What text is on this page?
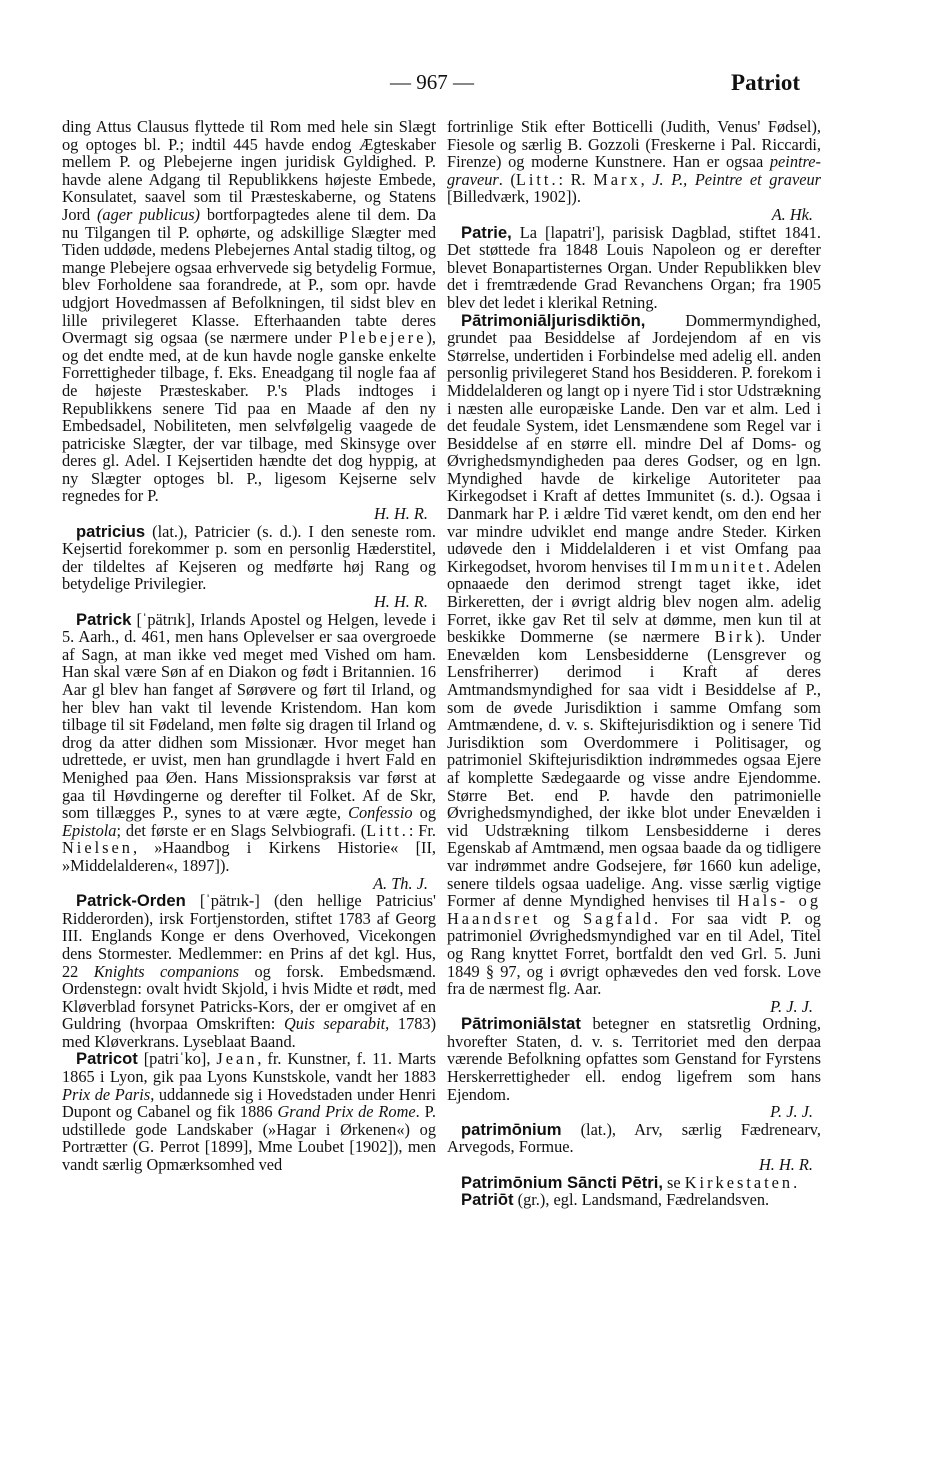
— 967 —	Patriot

ding Attus Clausus flyttede til Rom med hele sin Slægt og optoges bl. P.; indtil 445 havde endog Ægteskaber mellem P. og Plebejerne ingen juridisk Gyldighed. P. havde alene Adgang til Republikkens højeste Embede, Konsulatet, saavel som til Præsteskaberne, og Statens Jord (ager publicus) bortforpagtedes alene til dem. Da nu Tilgangen til P. ophørte, og adskillige Slægter med Tiden uddøde, medens Plebejernes Antal stadig tiltog, og mange Plebejere ogsaa erhvervede sig betydelig Formue, blev Forholdene saa forandrede, at P., som opr. havde udgjort Hovedmassen af Befolkningen, til sidst blev en lille privilegeret Klasse. Efterhaanden tabte deres Overmagt sig ogsaa (se nærmere under Plebejere), og det endte med, at de kun havde nogle ganske enkelte Forrettigheder tilbage, f. Eks. Eneadgang til nogle faa af de højeste Præsteskaber. P.'s Plads indtoges i Republikkens senere Tid paa en Maade af den ny Embedsadel, Nobiliteten, men selvfølgelig vaagede de patriciske Slægter, der var tilbage, med Skinsyge over deres gl. Adel. I Kejsertiden hændte det dog hyppig, at ny Slægter optoges bl. P., ligesom Kejserne selv regnedes for P.
H. H. R.

patricius (lat.), Patricier (s. d.). I den seneste rom. Kejsertid forekommer p. som en personlig Hæderstitel, der tildeltes af Kejseren og medførte høj Rang og betydelige Privilegier.
H. H. R.

Patrick [ˈpätrık], Irlands Apostel og Helgen, levede i 5. Aarh., d. 461, men hans Oplevelser er saa overgroede af Sagn, at man ikke ved meget med Vished om ham. Han skal være Søn af en Diakon og født i Britannien. 16 Aar gl blev han fanget af Sørøvere og ført til Irland, og her blev han vakt til levende Kristendom. Han kom tilbage til sit Fødeland, men følte sig dragen til Irland og drog da atter didhen som Missionær. Hvor meget han udrettede, er uvist, men han grundlagde i hvert Fald en Menighed paa Øen. Hans Missionspraksis var først at gaa til Høvdingerne og derefter til Folket. Af de Skr, som tillægges P., synes to at være ægte, Confessio og Epistola; det første er en Slags Selvbiografi. (Litt.: Fr. Nielsen, »Haandbog i Kirkens Historie« [II, »Middelalderen«, 1897]).
A. Th. J.

Patrick-Orden [ˈpätrık-] (den hellige Patricius' Ridderorden), irsk Fortjenstorden, stiftet 1783 af Georg III. Englands Konge er dens Overhoved, Vicekongen dens Stormester. Medlemmer: en Prins af det kgl. Hus, 22 Knights companions og forsk. Embedsmænd. Ordenstegn: ovalt hvidt Skjold, i hvis Midte et rødt, med Kløverblad forsynet Patricks-Kors, der er omgivet af en Guldring (hvorpaa Omskriften: Quis separabit, 1783) med Kløverkrans. Lyseblaat Baand.

Patricot [patriˈko], Jean, fr. Kunstner, f. 11. Marts 1865 i Lyon, gik paa Lyons Kunstskole, vandt her 1883 Prix de Paris, uddannede sig i Hovedstaden under Henri Dupont og Cabanel og fik 1886 Grand Prix de Rome. P. udstillede gode Landskaber (»Hagar i Ørkenen«) og Portrætter (G. Perrot [1899], Mme Loubet [1902]), men vandt særlig Opmærksomhed ved

fortrinlige Stik efter Botticelli (Judith, Venus' Fødsel), Fiesole og særlig B. Gozzoli (Freskerne i Pal. Riccardi, Firenze) og moderne Kunstnere. Han er ogsaa peintre-graveur. (Litt.: R. Marx, J. P., Peintre et graveur [Billedværk, 1902]).
A. Hk.

Patrie, La [lapatri'], parisisk Dagblad, stiftet 1841. Det støttede fra 1848 Louis Napoleon og er derefter blevet Bonapartisternes Organ. Under Republikken blev det i fremtrædende Grad Revanchens Organ; fra 1905 blev det ledet i klerikal Retning.

Pātrimoniāljurisdiktiōn, Dommermyndighed, grundet paa Besiddelse af Jordejendom af en vis Størrelse, undertiden i Forbindelse med adelig ell. anden personlig privilegeret Stand hos Besidderen. P. forekom i Middelalderen og langt op i nyere Tid i stor Udstrækning i næsten alle europæiske Lande. Den var et alm. Led i det feudale System, idet Lensmændene som Regel var i Besiddelse af en større ell. mindre Del af Doms- og Øvrighedsmyndigheden paa deres Godser, og en lgn. Myndighed havde de kirkelige Autoriteter paa Kirkegodset i Kraft af dettes Immunitet (s. d.). Ogsaa i Danmark har P. i ældre Tid været kendt, om den end her var mindre udviklet end mange andre Steder. Kirken udøvede den i Middelalderen i et vist Omfang paa Kirkegodset, hvorom henvises til Immunitet. Adelen opnaaede den derimod strengt taget ikke, idet Birkeretten, der i øvrigt aldrig blev nogen alm. adelig Forret, ikke gav Ret til selv at dømme, men kun til at beskikke Dommerne (se nærmere Birk). Under Enevælden kom Lensbesidderne (Lensgrever og Lensfriherrer) derimod i Kraft af deres Amtmandsmyndighed for saa vidt i Besiddelse af P., som de øvede Jurisdiktion i samme Omfang som Amtmændene, d. v. s. Skiftejurisdiktion og i senere Tid Jurisdiktion som Overdommere i Politisager, og patrimoniel Skiftejurisdiktion indrømmedes ogsaa Ejere af komplette Sædegaarde og visse andre Ejendomme. Større Bet. end P. havde den patrimonielle Øvrighedsmyndighed, der ikke blot under Enevælden i vid Udstrækning tilkom Lensbesidderne i deres Egenskab af Amtmænd, men ogsaa baade da og tidligere var indrømmet andre Godsejere, før 1660 kun adelige, senere tildels ogsaa uadelige. Ang. visse særlig vigtige Former af denne Myndighed henvises til Hals- og Haandsret og Sagfald. For saa vidt P. og patrimoniel Øvrighedsmyndighed var en til Adel, Titel og Rang knyttet Forret, bortfaldt den ved Grl. 5. Juni 1849 § 97, og i øvrigt ophævedes den ved forsk. Love fra de nærmest flg. Aar.
P. J. J.

Pātrimoniālstat betegner en statsretlig Ordning, hvorefter Staten, d. v. s. Territoriet med den derpaa værende Befolkning opfattes som Genstand for Fyrstens Herskerrettigheder ell. endog ligefrem som hans Ejendom.
P. J. J.

patrimōnium (lat.), Arv, særlig Fædrenearv, Arvegods, Formue.
H. H. R.

Patrimōnium Sāncti Pētri, se Kirkestaten.

Patriōt (gr.), egl. Landsmand, Fædrelandsven.
